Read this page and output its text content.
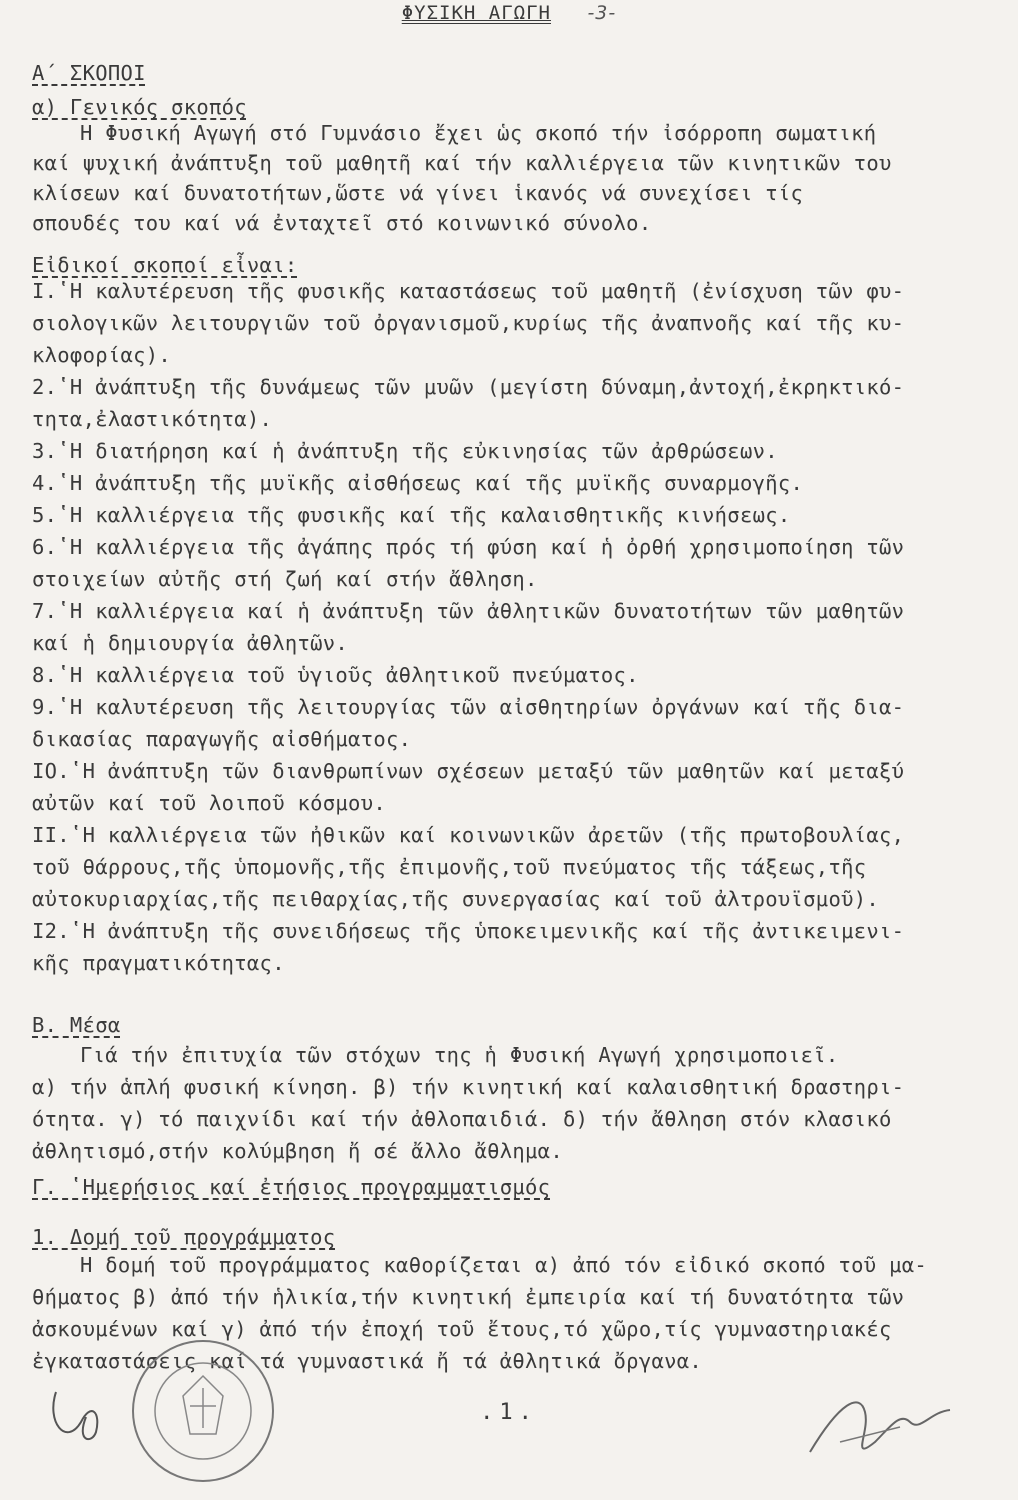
ΦΥΣΙΚΗ ΑΓΩΓΗ -3-
Α΄ ΣΚΟΠΟΙ
α) Γενικός σκοπός
Η Φυσική Αγωγή στό Γυμνάσιο ἔχει ὡς σκοπό τήν ἰσόρροπη σωματική
καί ψυχική ἀνάπτυξη τοῦ μαθητῆ καί τήν καλλιέργεια τῶν κινητικῶν του
κλίσεων καί δυνατοτήτων,ὥστε νά γίνει ἱκανός νά συνεχίσει τίς
σπουδές του καί νά ἐνταχτεῖ στό κοινωνικό σύνολο.
Εἰδικοί σκοποί εἶναι:
Ι.ʽΗ καλυτέρευση τῆς φυσικῆς καταστάσεως τοῦ μαθητῆ (ἐνίσχυση τῶν φυ-
σιολογικῶν λειτουργιῶν τοῦ ὀργανισμοῦ,κυρίως τῆς ἀναπνοῆς καί τῆς κυ-
κλοφορίας).
2.ʽΗ ἀνάπτυξη τῆς δυνάμεως τῶν μυῶν (μεγίστη δύναμη,ἀντοχή,ἐκρηκτικό-
τητα,ἐλαστικότητα).
3.ʽΗ διατήρηση καί ἡ ἀνάπτυξη τῆς εὐκινησίας τῶν ἀρθρώσεων.
4.ʽΗ ἀνάπτυξη τῆς μυϊκῆς αἰσθήσεως καί τῆς μυϊκῆς συναρμογῆς.
5.ʽΗ καλλιέργεια τῆς φυσικῆς καί τῆς καλαισθητικῆς κινήσεως.
6.ʽΗ καλλιέργεια τῆς ἀγάπης πρός τή φύση καί ἡ ὀρθή χρησιμοποίηση τῶν
στοιχείων αὐτῆς στή ζωή καί στήν ἄθληση.
7.ʽΗ καλλιέργεια καί ἡ ἀνάπτυξη τῶν ἀθλητικῶν δυνατοτήτων τῶν μαθητῶν
καί ἡ δημιουργία ἀθλητῶν.
8.ʽΗ καλλιέργεια τοῦ ὑγιοῦς ἀθλητικοῦ πνεύματος.
9.ʽΗ καλυτέρευση τῆς λειτουργίας τῶν αἰσθητηρίων ὀργάνων καί τῆς δια-
δικασίας παραγωγῆς αἰσθήματος.
ΙΟ.ʽΗ ἀνάπτυξη τῶν διανθρωπίνων σχέσεων μεταξύ τῶν μαθητῶν καί μεταξύ
αὐτῶν καί τοῦ λοιποῦ κόσμου.
ΙΙ.ʽΗ καλλιέργεια τῶν ἠθικῶν καί κοινωνικῶν ἀρετῶν (τῆς πρωτοβουλίας,
τοῦ θάρρους,τῆς ὑπομονῆς,τῆς ἐπιμονῆς,τοῦ πνεύματος τῆς τάξεως,τῆς
αὐτοκυριαρχίας,τῆς πειθαρχίας,τῆς συνεργασίας καί τοῦ ἀλτρουϊσμοῦ).
Ι2.ʽΗ ἀνάπτυξη τῆς συνειδήσεως τῆς ὑποκειμενικῆς καί τῆς ἀντικειμενι-
κῆς πραγματικότητας.
Β. Μέσα
Γιά τήν ἐπιτυχία τῶν στόχων της ἡ Φυσική Αγωγή χρησιμοποιεῖ.
α) τήν ἁπλή φυσική κίνηση. β) τήν κινητική καί καλαισθητική δραστηρι-
ότητα. γ) τό παιχνίδι καί τήν ἀθλοπαιδιά. δ) τήν ἄθληση στόν κλασικό
ἀθλητισμό,στήν κολύμβηση ἤ σέ ἄλλο ἄθλημα.
Γ. ʽΗμερήσιος καί ἐτήσιος προγραμματισμός
1. Δομή τοῦ προγράμματος
Η δομή τοῦ προγράμματος καθορίζεται α) ἀπό τόν εἰδικό σκοπό τοῦ μα-
θήματος β) ἀπό τήν ἡλικία,τήν κινητική ἐμπειρία καί τή δυνατότητα τῶν
ἀσκουμένων καί γ) ἀπό τήν ἐποχή τοῦ ἔτους,τό χῶρο,τίς γυμναστηριακές
ἐγκαταστάσεις καί τά γυμναστικά ἤ τά ἀθλητικά ὄργανα.
.1.
